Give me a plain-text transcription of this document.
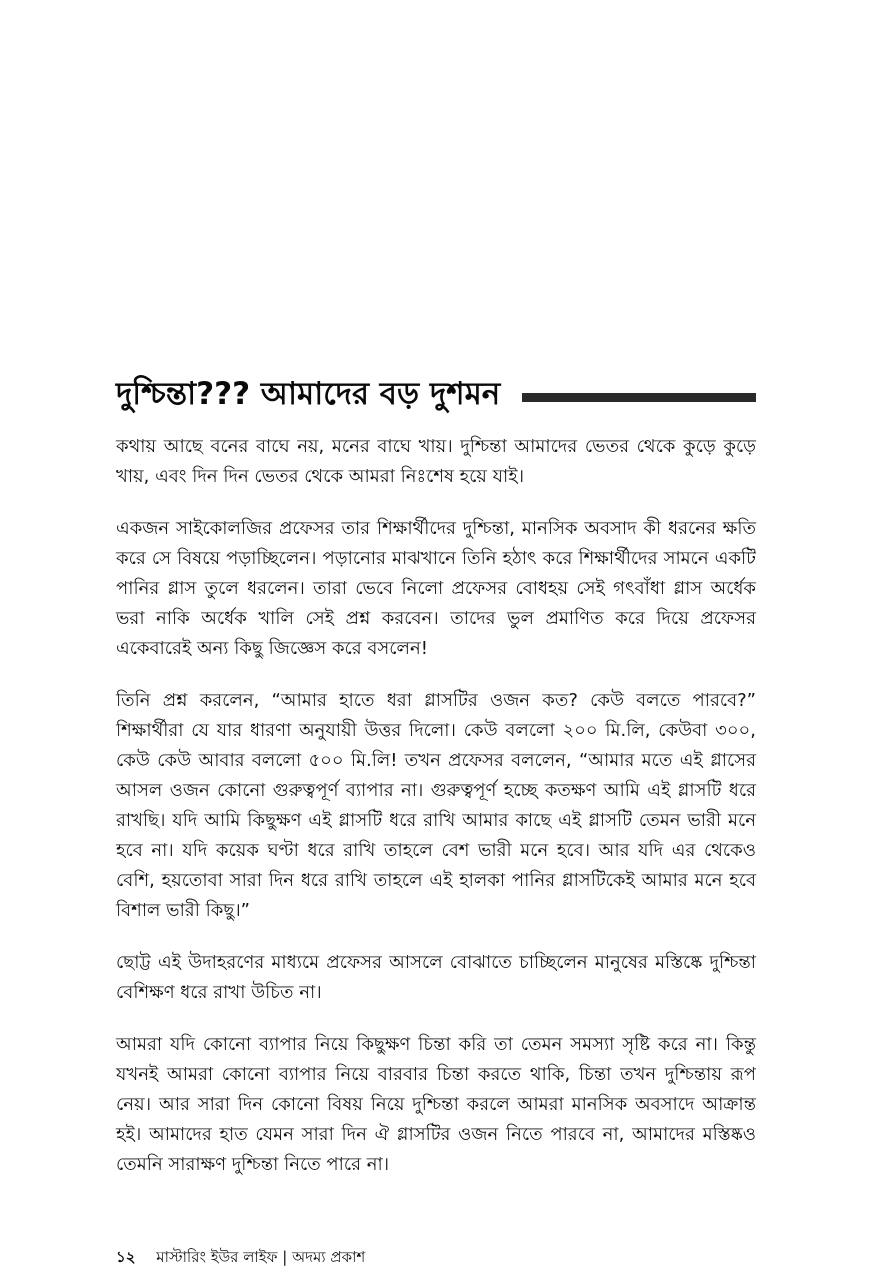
দুশ্চিন্তা??? আমাদের বড় দুশমন

কথায় আছে বনের বাঘে নয়, মনের বাঘে খায়। দুশ্চিন্তা আমাদের ভেতর থেকে কুড়ে কুড়ে খায়, এবং দিন দিন ভেতর থেকে আমরা নিঃশেষ হয়ে যাই।

একজন সাইকোলজির প্রফেসর তার শিক্ষার্থীদের দুশ্চিন্তা, মানসিক অবসাদ কী ধরনের ক্ষতি করে সে বিষয়ে পড়াচ্ছিলেন। পড়ানোর মাঝখানে তিনি হঠাৎ করে শিক্ষার্থীদের সামনে একটি পানির গ্লাস তুলে ধরলেন। তারা ভেবে নিলো প্রফেসর বোধহয় সেই গৎবাঁধা গ্লাস অর্ধেক ভরা নাকি অর্ধেক খালি সেই প্রশ্ন করবেন। তাদের ভুল প্রমাণিত করে দিয়ে প্রফেসর একেবারেই অন্য কিছু জিজ্ঞেস করে বসলেন!

তিনি প্রশ্ন করলেন, “আমার হাতে ধরা গ্লাসটির ওজন কত? কেউ বলতে পারবে?” শিক্ষার্থীরা যে যার ধারণা অনুযায়ী উত্তর দিলো। কেউ বললো ২০০ মি.লি, কেউবা ৩০০, কেউ কেউ আবার বললো ৫০০ মি.লি! তখন প্রফেসর বললেন, “আমার মতে এই গ্লাসের আসল ওজন কোনো গুরুত্বপূর্ণ ব্যাপার না। গুরুত্বপূর্ণ হচ্ছে কতক্ষণ আমি এই গ্লাসটি ধরে রাখছি। যদি আমি কিছুক্ষণ এই গ্লাসটি ধরে রাখি আমার কাছে এই গ্লাসটি তেমন ভারী মনে হবে না। যদি কয়েক ঘণ্টা ধরে রাখি তাহলে বেশ ভারী মনে হবে। আর যদি এর থেকেও বেশি, হয়তোবা সারা দিন ধরে রাখি তাহলে এই হালকা পানির গ্লাসটিকেই আমার মনে হবে বিশাল ভারী কিছু।”

ছোট্ট এই উদাহরণের মাধ্যমে প্রফেসর আসলে বোঝাতে চাচ্ছিলেন মানুষের মস্তিষ্কে দুশ্চিন্তা বেশিক্ষণ ধরে রাখা উচিত না।

আমরা যদি কোনো ব্যাপার নিয়ে কিছুক্ষণ চিন্তা করি তা তেমন সমস্যা সৃষ্টি করে না। কিন্তু যখনই আমরা কোনো ব্যাপার নিয়ে বারবার চিন্তা করতে থাকি, চিন্তা তখন দুশ্চিন্তায় রূপ নেয়। আর সারা দিন কোনো বিষয় নিয়ে দুশ্চিন্তা করলে আমরা মানসিক অবসাদে আক্রান্ত হই। আমাদের হাত যেমন সারা দিন ঐ গ্লাসটির ওজন নিতে পারবে না, আমাদের মস্তিষ্কও তেমনি সারাক্ষণ দুশ্চিন্তা নিতে পারে না।

১২ মাস্টারিং ইউর লাইফ | অদম্য প্রকাশ
